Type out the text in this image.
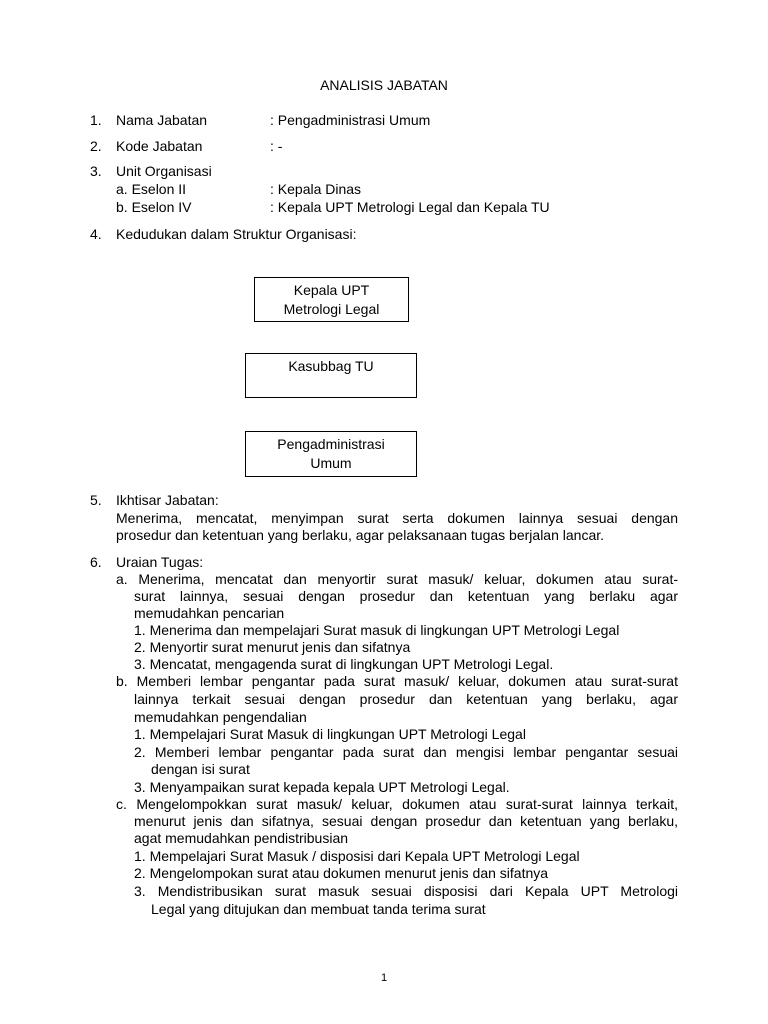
ANALISIS JABATAN
1.	Nama Jabatan	: Pengadministrasi Umum
2.	Kode Jabatan	: -
3.	Unit Organisasi
a. Eselon II	: Kepala Dinas
b. Eselon IV	: Kepala UPT Metrologi Legal dan Kepala TU
4.	Kedudukan dalam Struktur Organisasi:
Kepala UPT
Metrologi Legal
Kasubbag TU
Pengadministrasi
Umum
5.	Ikhtisar Jabatan:
Menerima, mencatat, menyimpan surat serta dokumen lainnya sesuai dengan
prosedur dan ketentuan yang berlaku, agar pelaksanaan tugas berjalan lancar.
6.	Uraian Tugas:
a. Menerima, mencatat dan menyortir surat masuk/ keluar, dokumen atau surat-
surat lainnya, sesuai dengan prosedur dan ketentuan yang berlaku agar
memudahkan pencarian
1. Menerima dan mempelajari Surat masuk di lingkungan UPT Metrologi Legal
2. Menyortir surat menurut jenis dan sifatnya
3. Mencatat, mengagenda surat di lingkungan UPT Metrologi Legal.
b. Memberi lembar pengantar pada surat masuk/ keluar, dokumen atau surat-surat
lainnya terkait sesuai dengan prosedur dan ketentuan yang berlaku, agar
memudahkan pengendalian
1. Mempelajari Surat Masuk di lingkungan UPT Metrologi Legal
2. Memberi lembar pengantar pada surat dan mengisi lembar pengantar sesuai
dengan isi surat
3. Menyampaikan surat kepada kepala UPT Metrologi Legal.
c. Mengelompokkan surat masuk/ keluar, dokumen atau surat-surat lainnya terkait,
menurut jenis dan sifatnya, sesuai dengan prosedur dan ketentuan yang berlaku,
agat memudahkan pendistribusian
1. Mempelajari Surat Masuk / disposisi dari Kepala UPT Metrologi Legal
2. Mengelompokan surat atau dokumen menurut jenis dan sifatnya
3. Mendistribusikan surat masuk sesuai disposisi dari Kepala UPT Metrologi
Legal yang ditujukan dan membuat tanda terima surat
1
